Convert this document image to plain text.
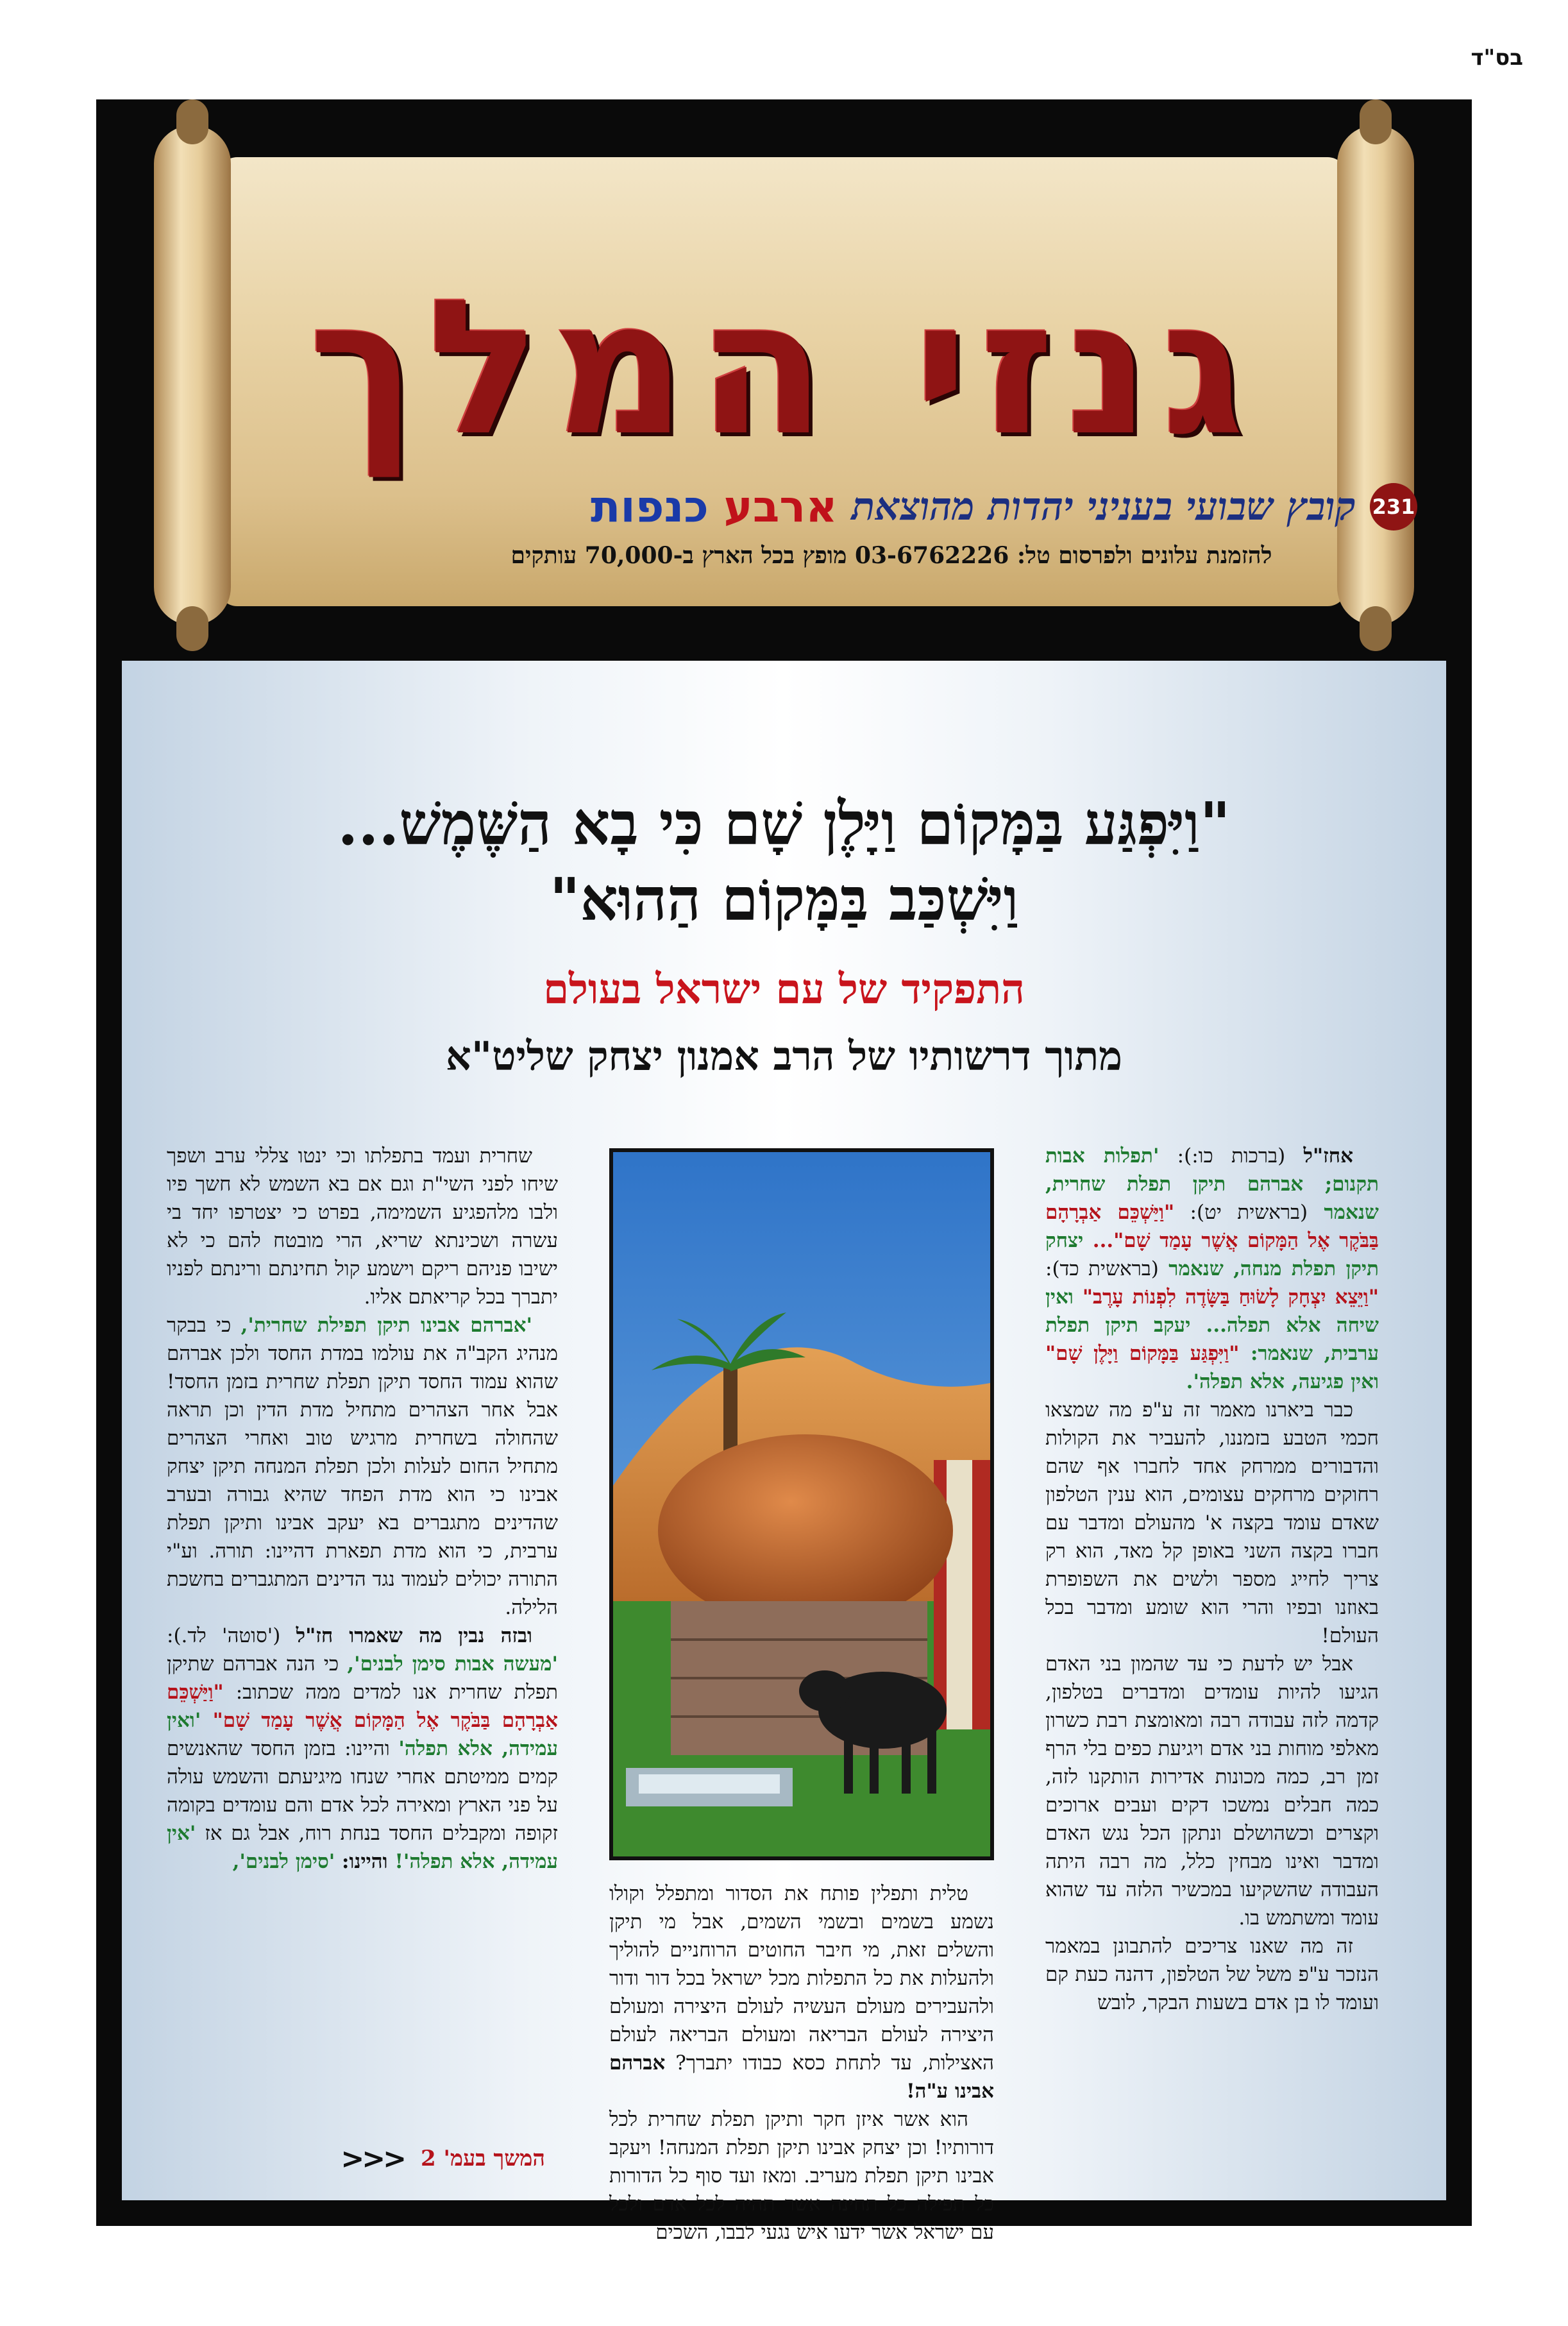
בס"ד
גנזי המלך
231
קובץ שבועי בעניני יהדות מהוצאת
ארבע כנפות
להזמנת עלונים ולפרסום טל: 03-6762226 מופץ בכל הארץ ב-70,000 עותקים
"וַיִּפְגַּע בַּמָּקוֹם וַיָּלֶן שָׁם כִּי בָא הַשֶּׁמֶשׁ...
וַיִּשְׁכַּב בַּמָּקוֹם הַהוּא"
התפקיד של עם ישראל בעולם
מתוך דרשותיו של הרב אמנון יצחק שליט"א

אחז"ל (ברכות כו:): 'תפלות אבות תקנום; אברהם תיקן תפלת שחרית, שנאמר (בראשית יט): "וַיַּשְׁכֵּם אַבְרָהָם בַּבֹּקֶר אֶל הַמָּקוֹם אֲשֶׁר עָמַד שָׁם"... יצחק תיקן תפלת מנחה, שנאמר (בראשית כד): "וַיֵּצֵא יִצְחָק לָשׂוּחַ בַּשָּׂדֶה לִפְנוֹת עָרֶב" ואין שיחה אלא תפלה... יעקב תיקן תפלת ערבית, שנאמר: "וַיִּפְגַּע בַּמָּקוֹם וַיָּלֶן שָׁם" ואין פגיעה, אלא תפלה'.

כבר ביארנו מאמר זה ע"פ מה שמצאו חכמי הטבע בזמננו, להעביר את הקולות והדבורים ממרחק אחד לחברו אף שהם רחוקים מרחקים עצומים, הוא ענין הטלפון שאדם עומד בקצה א' מהעולם ומדבר עם חברו בקצה השני באופן קל מאד, הוא רק צריך לחייג מספר ולשים את השפופרת באוזנו ובפיו והרי הוא שומע ומדבר בכל העולם!

אבל יש לדעת כי עד שהמון בני האדם הגיעו להיות עומדים ומדברים בטלפון, קדמה לזה עבודה רבה ומאומצת רבת כשרון מאלפי מוחות בני אדם ויגיעת כפים בלי הרף זמן רב, כמה מכונות אדירות הותקנו לזה, כמה חבלים נמשכו דקים ועבים ארוכים וקצרים וכשהושלם ונתקן הכל נגש האדם ומדבר ואינו מבחין כלל, מה רבה היתה העבודה שהשקיעו במכשיר הלזה עד שהוא עומד ומשתמש בו.

זה מה שאנו צריכים להתבונן במאמר הנזכר ע"פ משל של הטלפון, דהנה כעת קם ועומד לו בן אדם בשעות הבקר, לובש

טלית ותפלין פותח את הסדור ומתפלל וקולו נשמע בשמים ובשמי השמים, אבל מי תיקן והשלים זאת, מי חיבר החוטים הרוחניים להוליך ולהעלות את כל התפלות מכל ישראל בכל דור ודור ולהעבירים מעולם העשיה לעולם היצירה ומעולם היצירה לעולם הבריאה ומעולם הבריאה לעולם האצילות, עד לתחת כסא כבודו יתברך? אברהם אבינו ע"ה!

הוא אשר איזן חקר ותיקן תפלת שחרית לכל דורותיו! וכן יצחק אבינו תיקן תפלת המנחה! ויעקב אבינו תיקן תפלת מעריב. ומאז ועד סוף כל הדורות כל תפילה כל תחינה אשר תהיה לכל אדם ולכל עם ישראל אשר ידעו איש נגעי לבבו, השכים

שחרית ועמד בתפלתו וכי ינטו צללי ערב ושפך שיחו לפני השי"ת וגם אם בא השמש לא חשך פיו ולבו מלהפגיע השמימה, בפרט כי יצטרפו יחד בי עשרה ושכינתא שריא, הרי מובטח להם כי לא ישיבו פניהם ריקם וישמע קול תחינתם ורינתם לפניו יתברך בכל קריאתם אליו.

'אברהם אבינו תיקן תפילת שחרית', כי בבקר מנהיג הקב"ה את עולמו במדת החסד ולכן אברהם שהוא עמוד החסד תיקן תפלת שחרית בזמן החסד! אבל אחר הצהרים מתחיל מדת הדין וכן תראה שהחולה בשחרית מרגיש טוב ואחרי הצהרים מתחיל החום לעלות ולכן תפלת המנחה תיקן יצחק אבינו כי הוא מדת הפחד שהיא גבורה ובערב שהדינים מתגברים בא יעקב אבינו ותיקן תפלת ערבית, כי הוא מדת תפארת דהיינו: תורה. וע"י התורה יכולים לעמוד נגד הדינים המתגברים בחשכת הלילה.

ובזה נבין מה שאמרו חז"ל ('סוטה' לד.): 'מעשה אבות סימן לבנים', כי הנה אברהם שתיקן תפלת שחרית אנו למדים ממה שכתוב: "וַיַּשְׁכֵּם אַבְרָהָם בַּבֹּקֶר אֶל הַמָּקוֹם אֲשֶׁר עָמַד שָׁם" 'ואין עמידה, אלא תפלה' והיינו: בזמן החסד שהאנשים קמים ממיטתם אחרי שנחו מיגיעתם והשמש עולה על פני הארץ ומאירה לכל אדם והם עומדים בקומה זקופה ומקבלים החסד בנחת רוח, אבל גם אז 'אין עמידה, אלא תפלה'! והיינו: 'סימן לבנים',

המשך בעמ' 2
<<<
